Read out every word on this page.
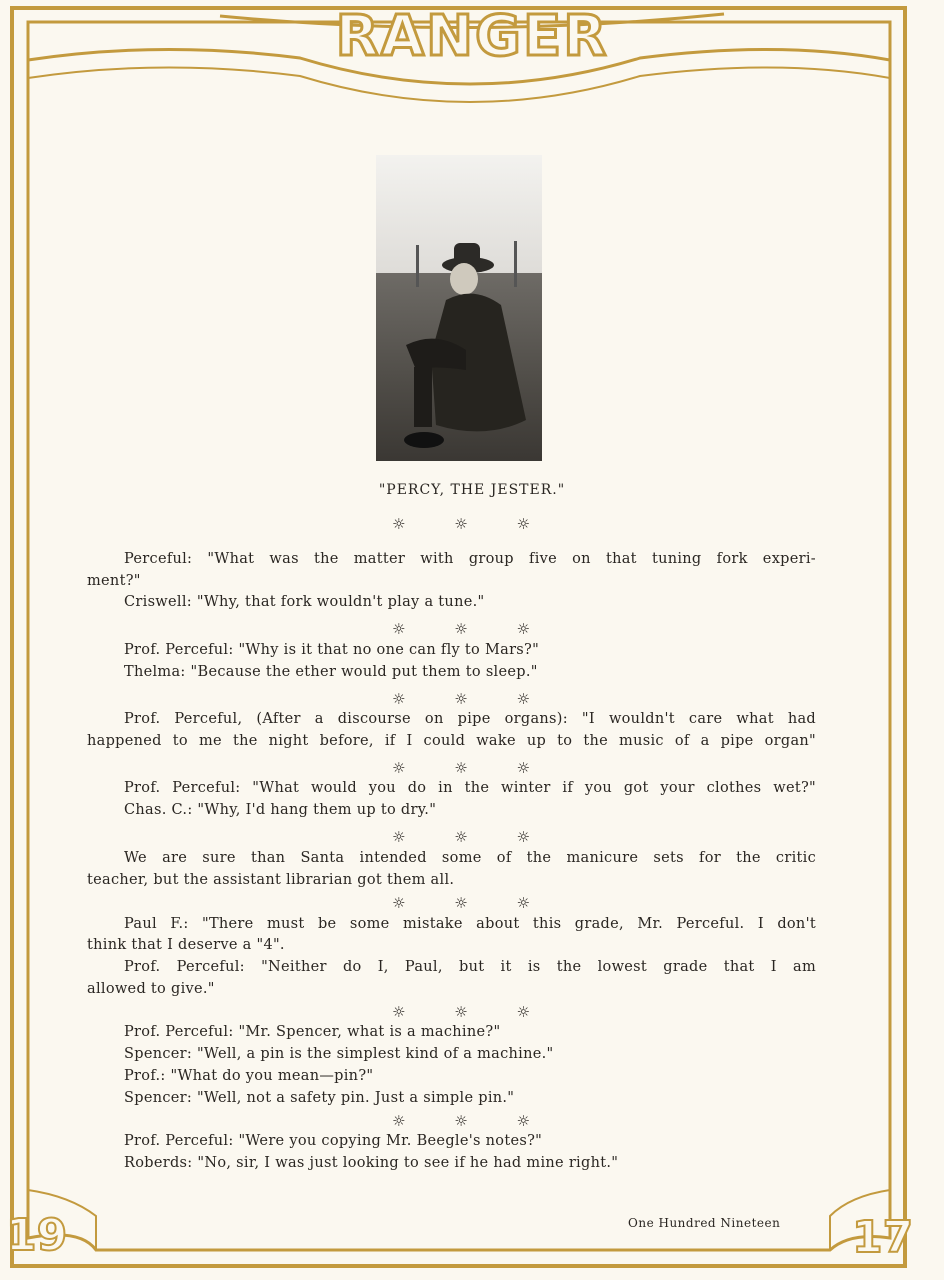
RANGER
"PERCY, THE JESTER."
☼ ☼ ☼
Perceful: "What was the matter with group five on that tuning fork experi-
ment?"
Criswell: "Why, that fork wouldn't play a tune."
☼ ☼ ☼
Prof. Perceful: "Why is it that no one can fly to Mars?"
Thelma: "Because the ether would put them to sleep."
☼ ☼ ☼
Prof. Perceful, (After a discourse on pipe organs): "I wouldn't care what had
happened to me the night before, if I could wake up to the music of a pipe organ"
☼ ☼ ☼
Prof. Perceful: "What would you do in the winter if you got your clothes wet?"
Chas. C.: "Why, I'd hang them up to dry."
☼ ☼ ☼
We are sure than Santa intended some of the manicure sets for the critic
teacher, but the assistant librarian got them all.
☼ ☼ ☼
Paul F.: "There must be some mistake about this grade, Mr. Perceful. I don't
think that I deserve a "4".
Prof. Perceful: "Neither do I, Paul, but it is the lowest grade that I am
allowed to give."
☼ ☼ ☼
Prof. Perceful: "Mr. Spencer, what is a machine?"
Spencer: "Well, a pin is the simplest kind of a machine."
Prof.: "What do you mean—pin?"
Spencer: "Well, not a safety pin. Just a simple pin."
☼ ☼ ☼
Prof. Perceful: "Were you copying Mr. Beegle's notes?"
Roberds: "No, sir, I was just looking to see if he had mine right."
One Hundred Nineteen
19	17
